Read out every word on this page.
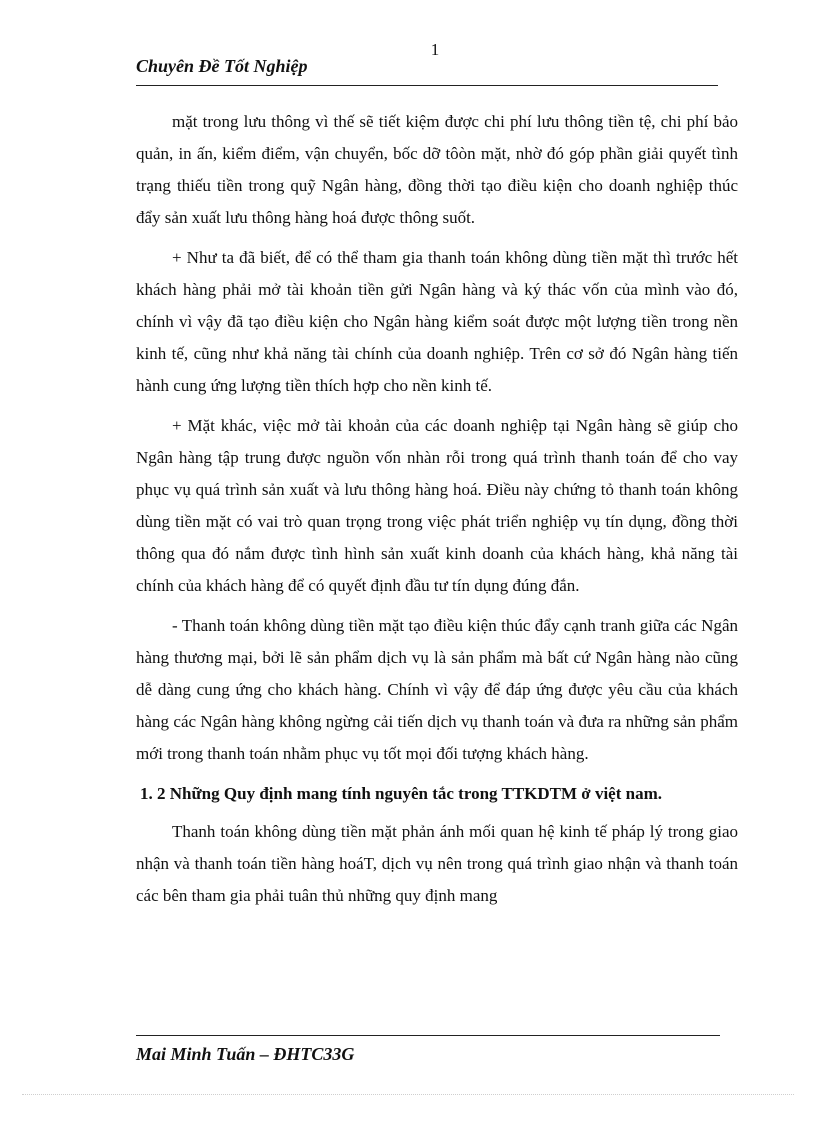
1
Chuyên Đề Tốt Nghiệp

mặt trong lưu thông vì thế sẽ tiết kiệm được chi phí lưu thông tiền tệ, chi phí bảo quản, in ấn, kiểm điểm, vận chuyển, bốc dỡ tôòn mặt, nhờ đó góp phần giải quyết tình trạng thiếu tiền trong quỹ Ngân hàng, đồng thời tạo điều kiện cho doanh nghiệp thúc đẩy sản xuất lưu thông hàng hoá được thông suốt.

+ Như ta đã biết, để có thể tham gia thanh toán không dùng tiền mặt thì trước hết khách hàng phải mở tài khoản tiền gửi Ngân hàng và ký thác vốn của mình vào đó, chính vì vậy đã tạo điều kiện cho Ngân hàng kiểm soát được một lượng tiền trong nền kinh tế, cũng như khả năng tài chính của doanh nghiệp. Trên cơ sở đó Ngân hàng tiến hành cung ứng lượng tiền thích hợp cho nền kinh tế.

+ Mặt khác, việc mở tài khoản của các doanh nghiệp tại Ngân hàng sẽ giúp cho Ngân hàng tập trung được nguồn vốn nhàn rỗi trong quá trình thanh toán để cho vay phục vụ quá trình sản xuất và lưu thông hàng hoá. Điều này chứng tỏ thanh toán không dùng tiền mặt có vai trò quan trọng trong việc phát triển nghiệp vụ tín dụng, đồng thời thông qua đó nắm được tình hình sản xuất kinh doanh của khách hàng, khả năng tài chính của khách hàng để có quyết định đầu tư tín dụng đúng đắn.

- Thanh toán không dùng tiền mặt tạo điều kiện thúc đẩy cạnh tranh giữa các Ngân hàng thương mại, bởi lẽ sản phẩm dịch vụ là sản phẩm mà bất cứ Ngân hàng nào cũng dễ dàng cung ứng cho khách hàng. Chính vì vậy để đáp ứng được yêu cầu của khách hàng các Ngân hàng không ngừng cải tiến dịch vụ thanh toán và đưa ra những sản phẩm mới trong thanh toán nhằm phục vụ tốt mọi đối tượng khách hàng.

1. 2 Những Quy định mang tính nguyên tắc trong TTKDTM ở việt nam.

Thanh toán không dùng tiền mặt phản ánh mối quan hệ kinh tế pháp lý trong giao nhận và thanh toán tiền hàng hoáT, dịch vụ nên trong quá trình giao nhận và thanh toán các bên tham gia phải tuân thủ những quy định mang

Mai Minh Tuấn – ĐHTC33G
